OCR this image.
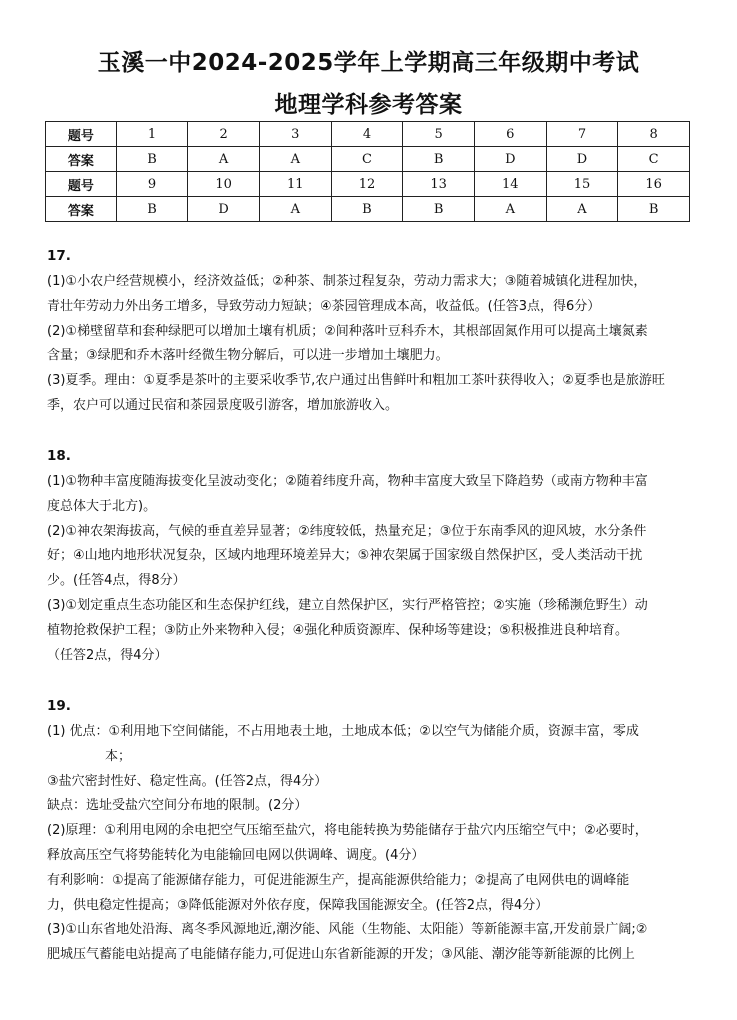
玉溪一中2024-2025学年上学期高三年级期中考试
地理学科参考答案
题号	1	2	3	4	5	6	7	8
答案	B	A	A	C	B	D	D	C
题号	9	10	11	12	13	14	15	16
答案	B	D	A	B	B	A	A	B
17.
(1)①小农户经营规模小，经济效益低；②种茶、制茶过程复杂，劳动力需求大；③随着城镇化进程加快，
青壮年劳动力外出务工增多，导致劳动力短缺；④茶园管理成本高，收益低。(任答3点，得6分）
(2)①梯壁留草和套种绿肥可以增加土壤有机质；②间种落叶豆科乔木，其根部固氮作用可以提高土壤氮素
含量；③绿肥和乔木落叶经微生物分解后，可以进一步增加土壤肥力。
(3)夏季。理由：①夏季是茶叶的主要采收季节,农户通过出售鲜叶和粗加工茶叶获得收入；②夏季也是旅游旺
季，农户可以通过民宿和茶园景度吸引游客，增加旅游收入。
18.
(1)①物种丰富度随海拔变化呈波动变化；②随着纬度升高，物种丰富度大致呈下降趋势（或南方物种丰富
度总体大于北方)。
(2)①神农架海拔高，气候的垂直差异显著；②纬度较低，热量充足；③位于东南季风的迎风坡，水分条件
好；④山地内地形状况复杂，区域内地理环境差异大；⑤神农架属于国家级自然保护区，受人类活动干扰
少。(任答4点，得8分）
(3)①划定重点生态功能区和生态保护红线，建立自然保护区，实行严格管控；②实施（珍稀濒危野生）动
植物抢救保护工程；③防止外来物种入侵；④强化种质资源库、保种场等建设；⑤积极推进良种培育。
（任答2点，得4分）
19.
(1) 优点：①利用地下空间储能，不占用地表土地，土地成本低；②以空气为储能介质，资源丰富，零成
本；
③盐穴密封性好、稳定性高。(任答2点，得4分）
缺点：选址受盐穴空间分布地的限制。(2分）
(2)原理：①利用电网的余电把空气压缩至盐穴，将电能转换为势能储存于盐穴内压缩空气中；②必要时，
释放高压空气将势能转化为电能输回电网以供调峰、调度。(4分）
有利影响：①提高了能源储存能力，可促进能源生产，提高能源供给能力；②提高了电网供电的调峰能
力，供电稳定性提高；③降低能源对外依存度，保障我国能源安全。(任答2点，得4分）
(3)①山东省地处沿海、离冬季风源地近,潮汐能、风能（生物能、太阳能）等新能源丰富,开发前景广阔;②
肥城压气蓄能电站提高了电能储存能力,可促进山东省新能源的开发；③风能、潮汐能等新能源的比例上
